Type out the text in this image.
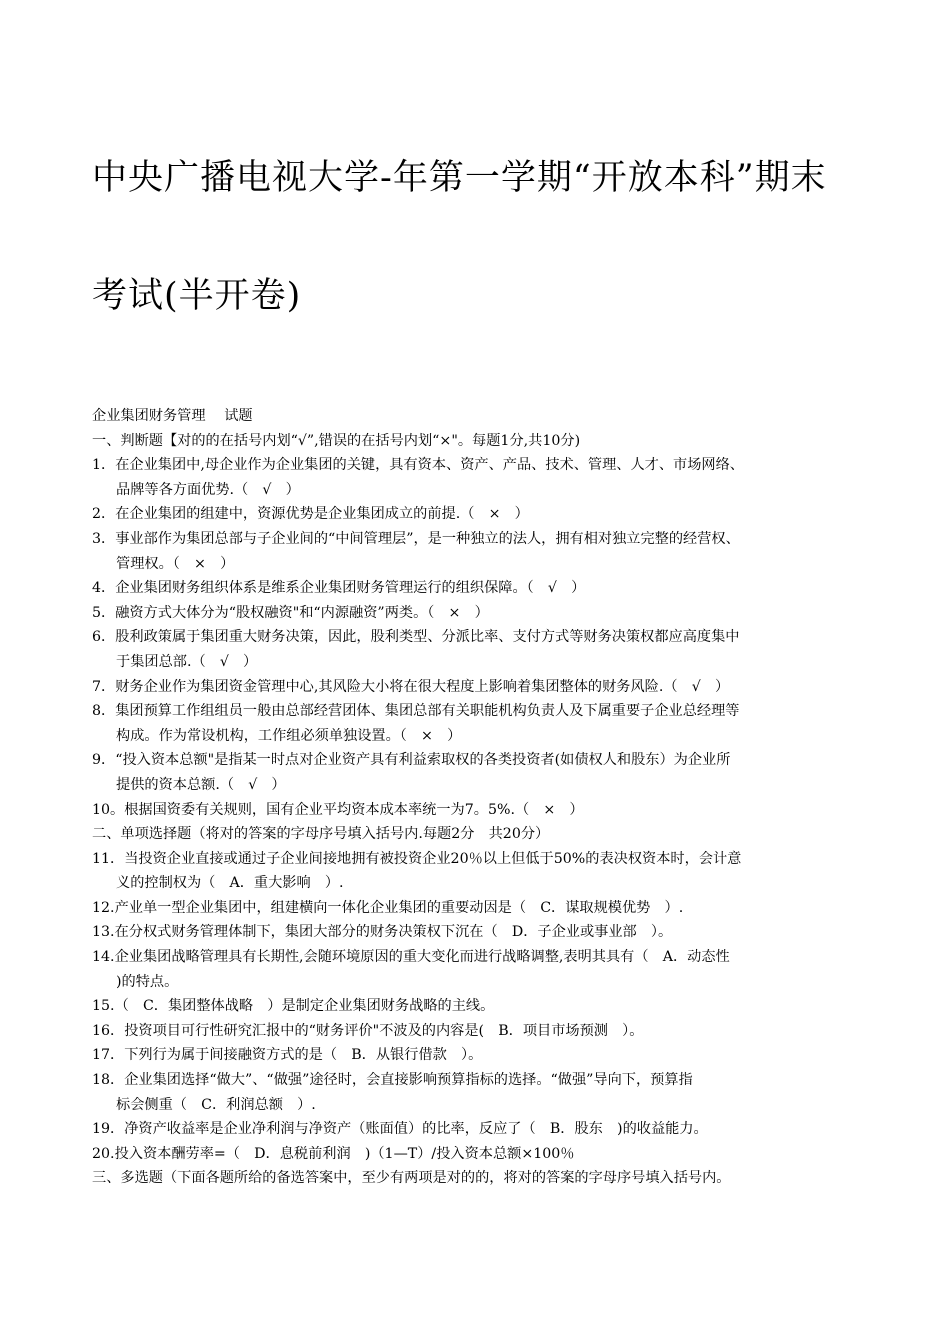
中央广播电视大学-年第一学期“开放本科”期末
考试(半开卷)
企业集团财务管理　 试题
一、判断题【对的的在括号内划“√”,错误的在括号内划“×"。每题1分,共10分)
1．在企业集团中,母企业作为企业集团的关键，具有资本、资产、产品、技术、管理、人才、市场网络、
品牌等各方面优势.（　√　）
2．在企业集团的组建中，资源优势是企业集团成立的前提.（　×　）
3．事业部作为集团总部与子企业间的“中间管理层”，是一种独立的法人，拥有相对独立完整的经营权、
管理权。（　×　）
4．企业集团财务组织体系是维系企业集团财务管理运行的组织保障。（　√　）
5．融资方式大体分为“股权融资"和“内源融资”两类。（　×　）
6．股利政策属于集团重大财务决策，因此，股利类型、分派比率、支付方式等财务决策权都应高度集中
于集团总部.（　√　）
7．财务企业作为集团资金管理中心,其风险大小将在很大程度上影响着集团整体的财务风险.（　√　）
8．集团预算工作组组员一般由总部经营团体、集团总部有关职能机构负责人及下属重要子企业总经理等
构成。作为常设机构，工作组必须单独设置。（　×　）
9．“投入资本总额"是指某一时点对企业资产具有利益索取权的各类投资者(如债权人和股东）为企业所
提供的资本总额.（　√　）
10。根据国资委有关规则，国有企业平均资本成本率统一为7。5%.（　×　）
二、单项选择题（将对的答案的字母序号填入括号内.每题2分　共20分）
11．当投资企业直接或通过子企业间接地拥有被投资企业20％以上但低于50%的表决权资本时，会计意
义的控制权为（　A．重大影响　）.
12.产业单一型企业集团中，组建横向一体化企业集团的重要动因是（　C．谋取规模优势　）.
13.在分权式财务管理体制下，集团大部分的财务决策权下沉在（　D．子企业或事业部　）。
14.企业集团战略管理具有长期性,会随环境原因的重大变化而进行战略调整,表明其具有（　A．动态性
)的特点。
15.（　C．集团整体战略　）是制定企业集团财务战略的主线。
16．投资项目可行性研究汇报中的“财务评价"不波及的内容是(　B．项目市场预测　）。
17．下列行为属于间接融资方式的是（　B．从银行借款　）。
18．企业集团选择“做大”、“做强”途径时，会直接影响预算指标的选择。“做强”导向下，预算指
标会侧重（　C．利润总额　）.
19．净资产收益率是企业净利润与净资产（账面值）的比率，反应了（　B．股东　)的收益能力。
20.投入资本酬劳率=（　D．息税前利润　)（1—T）/投入资本总额×100％
三、多选题（下面各题所给的备选答案中，至少有两项是对的的，将对的答案的字母序号填入括号内。
